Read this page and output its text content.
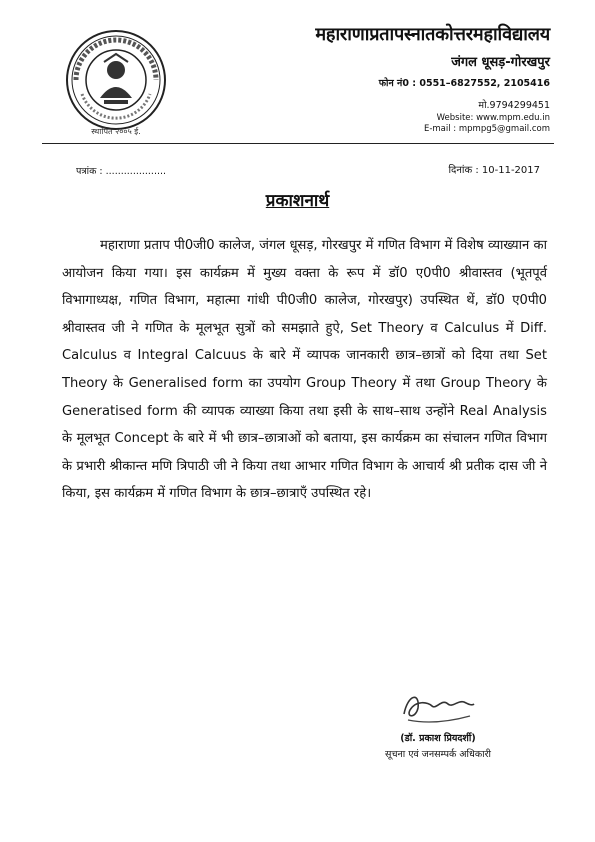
स्थापित २००५ ई.
महाराणाप्रतापस्नातकोत्तरमहाविद्यालय
जंगल धूसड़-गोरखपुर
फोन नं0 : 0551–6827552, 2105416
मो.9794299451
Website: www.mpm.edu.in
E-mail : mpmpg5@gmail.com
पत्रांक : ....................	दिनांक : 10-11-2017
प्रकाशनार्थ

महाराणा प्रताप पी0जी0 कालेज, जंगल धूसड़, गोरखपुर में गणित विभाग में विशेष व्याख्यान का आयोजन किया गया। इस कार्यक्रम में मुख्य वक्ता के रूप में डॉ0 ए0पी0 श्रीवास्तव (भूतपूर्व विभागाध्यक्ष, गणित विभाग, महात्मा गांधी पी0जी0 कालेज, गोरखपुर) उपस्थित थें, डॉ0 ए0पी0 श्रीवास्तव जी ने गणित के मूलभूत सुत्रों को समझाते हुऐ, Set Theory व Calculus में Diff. Calculus व Integral Calcuus के बारे में व्यापक जानकारी छात्र–छात्रों को दिया तथा Set Theory के Generalised form का उपयोग Group Theory में तथा Group Theory के Generatised form की व्यापक व्याख्या किया तथा इसी के साथ–साथ उन्होंने Real Analysis के मूलभूत Concept के बारे में भी छात्र–छात्राओं को बताया, इस कार्यक्रम का संचालन गणित विभाग के प्रभारी श्रीकान्त मणि त्रिपाठी जी ने किया तथा आभार गणित विभाग के आचार्य श्री प्रतीक दास जी ने किया, इस कार्यक्रम में गणित विभाग के छात्र–छात्राएँ उपस्थित रहे।

(डॉ. प्रकाश प्रियदर्शी)
सूचना एवं जनसम्पर्क अधिकारी
